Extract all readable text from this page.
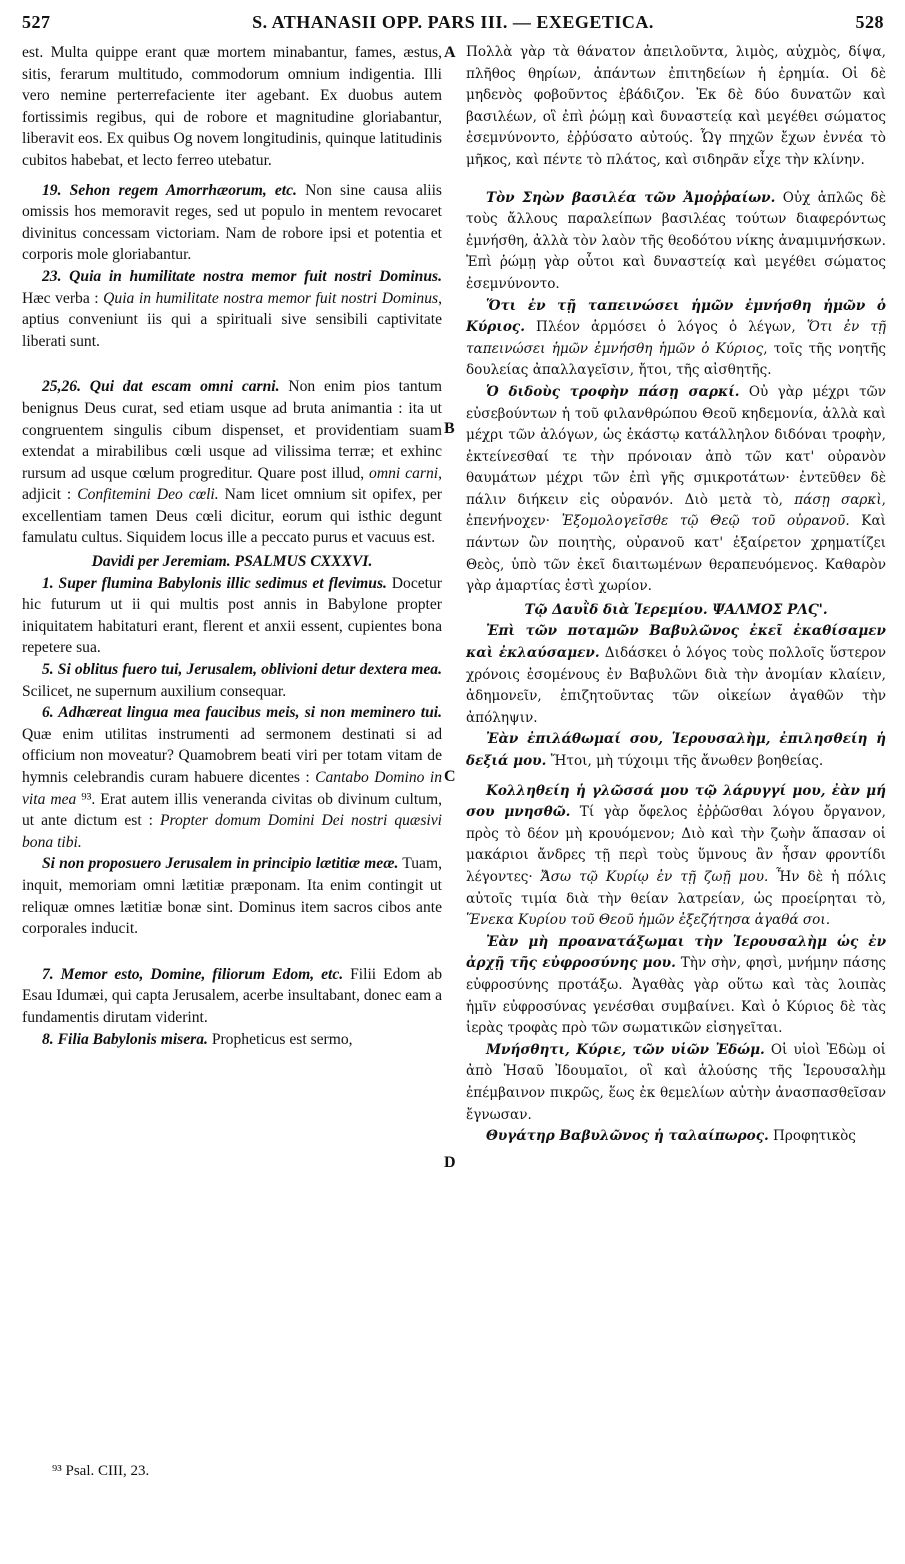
527	S. ATHANASII OPP. PARS III. — EXEGETICA.	528

est. Multa quippe erant quæ mortem minabantur, fames, æstus, sitis, ferarum multitudo, commodorum omnium indigentia. Illi vero nemine perterrefaciente iter agebant. Ex duobus autem fortissimis regibus, qui de robore et magnitudine gloriabantur, liberavit eos. Ex quibus Og novem longitudinis, quinque latitudinis cubitos habebat, et lecto ferreo utebatur.

19. Sehon regem Amorrhæorum, etc. Non sine causa aliis omissis hos memoravit reges, sed ut populo in mentem revocaret divinitus concessam victoriam. Nam de robore ipsi et potentia et corporis mole gloriabantur.

23. Quia in humilitate nostra memor fuit nostri Dominus. Hæc verba : Quia in humilitate nostra memor fuit nostri Dominus, aptius conveniunt iis qui a spirituali sive sensibili captivitate liberati sunt.

25,26. Qui dat escam omni carni. Non enim pios tantum benignus Deus curat, sed etiam usque ad bruta animantia : ita ut congruentem singulis cibum dispenset, et providentiam suam extendat a mirabilibus cœli usque ad vilissima terræ; et exhinc rursum ad usque cœlum progreditur. Quare post illud, omni carni, adjicit : Confitemini Deo cœli. Nam licet omnium sit opifex, per excellentiam tamen Deus cœli dicitur, eorum qui isthic degunt famulatu cultus. Siquidem locus ille a peccato purus et vacuus est.

Davidi per Jeremiam. PSALMUS CXXXVI.

1. Super flumina Babylonis illic sedimus et flevimus. Docetur hic futurum ut ii qui multis post annis in Babylone propter iniquitatem habitaturi erant, flerent et anxii essent, cupientes bona repetere sua.

5. Si oblitus fuero tui, Jerusalem, oblivioni detur dextera mea. Scilicet, ne supernum auxilium consequar.

6. Adhæreat lingua mea faucibus meis, si non meminero tui. Quæ enim utilitas instrumenti ad sermonem destinati si ad officium non moveatur? Quamobrem beati viri per totam vitam de hymnis celebrandis curam habuere dicentes : Cantabo Domino in vita mea ⁹³. Erat autem illis veneranda civitas ob divinum cultum, ut ante dictum est : Propter domum Domini Dei nostri quæsivi bona tibi.

Si non proposuero Jerusalem in principio lætitiæ meæ. Tuam, inquit, memoriam omni lætitiæ præponam. Ita enim contingit ut reliquæ omnes lætitiæ bonæ sint. Dominus item sacros cibos ante corporales inducit.

7. Memor esto, Domine, filiorum Edom, etc. Filii Edom ab Esau Idumæi, qui capta Jerusalem, acerbe insultabant, donec eam a fundamentis dirutam viderint.

8. Filia Babylonis misera. Propheticus est sermo,

A
B
C
D

Πολλὰ γὰρ τὰ θάνατον ἀπειλοῦντα, λιμὸς, αὐχμὸς, δίψα, πλῆθος θηρίων, ἀπάντων ἐπιτηδείων ἡ ἐρημία. Οἱ δὲ μηδενὸς φοβοῦντος ἐβάδιζον. Ἐκ δὲ δύο δυνατῶν καὶ βασιλέων, οἳ ἐπὶ ῥώμῃ καὶ δυναστείᾳ καὶ μεγέθει σώματος ἐσεμνύνοντο, ἐῤῥύσατο αὐτούς. Ὧγ πηχῶν ἔχων ἐννέα τὸ μῆκος, καὶ πέντε τὸ πλάτος, καὶ σιδηρᾶν εἶχε τὴν κλίνην.

Τὸν Σηὼν βασιλέα τῶν Ἀμοῤῥαίων. Οὐχ ἁπλῶς δὲ τοὺς ἄλλους παραλείπων βασιλέας τούτων διαφερόντως ἐμνήσθη, ἀλλὰ τὸν λαὸν τῆς θεοδότου νίκης ἀναμιμνήσκων. Ἐπὶ ῥώμῃ γὰρ οὗτοι καὶ δυναστείᾳ καὶ μεγέθει σώματος ἐσεμνύνοντο.

Ὅτι ἐν τῇ ταπεινώσει ἡμῶν ἐμνήσθη ἡμῶν ὁ Κύριος. Πλέον ἁρμόσει ὁ λόγος ὁ λέγων, Ὅτι ἐν τῇ ταπεινώσει ἡμῶν ἐμνήσθη ἡμῶν ὁ Κύριος, τοῖς τῆς νοητῆς δουλείας ἀπαλλαγεῖσιν, ἤτοι, τῆς αἰσθητῆς.

Ὁ διδοὺς τροφὴν πάσῃ σαρκί. Οὐ γὰρ μέχρι τῶν εὐσεβούντων ἡ τοῦ φιλανθρώπου Θεοῦ κηδεμονία, ἀλλὰ καὶ μέχρι τῶν ἀλόγων, ὡς ἑκάστῳ κατάλληλον διδόναι τροφὴν, ἐκτείνεσθαί τε τὴν πρόνοιαν ἀπὸ τῶν κατ' οὐρανὸν θαυμάτων μέχρι τῶν ἐπὶ γῆς σμικροτάτων· ἐντεῦθεν δὲ πάλιν διήκειν εἰς οὐρανόν. Διὸ μετὰ τὸ, πάσῃ σαρκὶ, ἐπενήνοχεν· Ἐξομολογεῖσθε τῷ Θεῷ τοῦ οὐρανοῦ. Καὶ πάντων ὢν ποιητὴς, οὐρανοῦ κατ' ἐξαίρετον χρηματίζει Θεὸς, ὑπὸ τῶν ἐκεῖ διαιτωμένων θεραπευόμενος. Καθαρὸν γὰρ ἁμαρτίας ἐστὶ χωρίον.

Τῷ Δαυῒδ διὰ Ἱερεμίου. ΨΑΛΜΟΣ ΡΛϚ'.

Ἐπὶ τῶν ποταμῶν Βαβυλῶνος ἐκεῖ ἐκαθίσαμεν καὶ ἐκλαύσαμεν. Διδάσκει ὁ λόγος τοὺς πολλοῖς ὕστερον χρόνοις ἐσομένους ἐν Βαβυλῶνι διὰ τὴν ἀνομίαν κλαίειν, ἀδημονεῖν, ἐπιζητοῦντας τῶν οἰκείων ἀγαθῶν τὴν ἀπόληψιν.

Ἐὰν ἐπιλάθωμαί σου, Ἱερουσαλὴμ, ἐπιλησθείη ἡ δεξιά μου. Ἤτοι, μὴ τύχοιμι τῆς ἄνωθεν βοηθείας.

Κολληθείη ἡ γλῶσσά μου τῷ λάρυγγί μου, ἐὰν μή σου μνησθῶ. Τί γὰρ ὄφελος ἐῤῥῶσθαι λόγου ὄργανον, πρὸς τὸ δέον μὴ κρουόμενον; Διὸ καὶ τὴν ζωὴν ἅπασαν οἱ μακάριοι ἄνδρες τῇ περὶ τοὺς ὕμνους ἂν ἦσαν φροντίδι λέγοντες· Ἄσω τῷ Κυρίῳ ἐν τῇ ζωῇ μου. Ἦν δὲ ἡ πόλις αὐτοῖς τιμία διὰ τὴν θείαν λατρείαν, ὡς προείρηται τὸ, Ἕνεκα Κυρίου τοῦ Θεοῦ ἡμῶν ἐξεζήτησα ἀγαθά σοι.

Ἐὰν μὴ προανατάξωμαι τὴν Ἱερουσαλὴμ ὡς ἐν ἀρχῇ τῆς εὐφροσύνης μου. Τὴν σὴν, φησὶ, μνήμην πάσης εὐφροσύνης προτάξω. Ἀγαθὰς γὰρ οὕτω καὶ τὰς λοιπὰς ἡμῖν εὐφροσύνας γενέσθαι συμβαίνει. Καὶ ὁ Κύριος δὲ τὰς ἱερὰς τροφὰς πρὸ τῶν σωματικῶν εἰσηγεῖται.

Μνήσθητι, Κύριε, τῶν υἱῶν Ἐδώμ. Οἱ υἱοὶ Ἐδὼμ οἱ ἀπὸ Ἡσαῦ Ἰδουμαῖοι, οἳ καὶ ἁλούσης τῆς Ἱερουσαλὴμ ἐπέμβαινον πικρῶς, ἕως ἐκ θεμελίων αὐτὴν ἀνασπασθεῖσαν ἔγνωσαν.

Θυγάτηρ Βαβυλῶνος ἡ ταλαίπωρος. Προφητικὸς

⁹³ Psal. CIII, 23.
